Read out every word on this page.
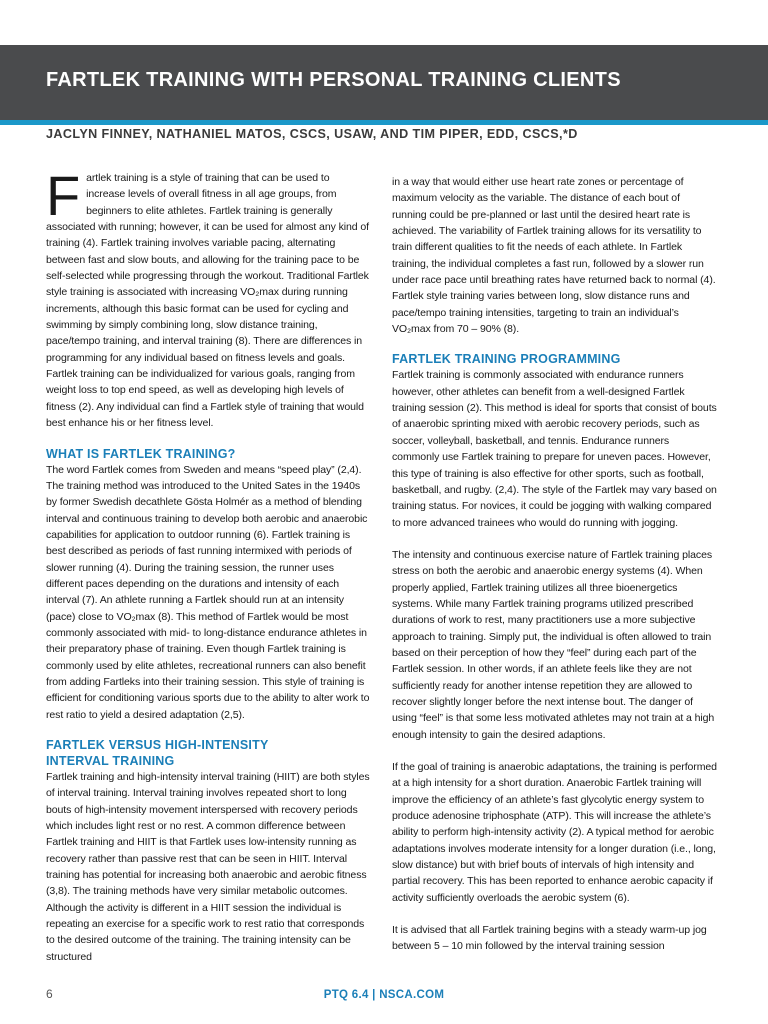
FARTLEK TRAINING WITH PERSONAL TRAINING CLIENTS

JACLYN FINNEY, NATHANIEL MATOS, CSCS, USAW, AND TIM PIPER, EDD, CSCS,*D

Fartlek training is a style of training that can be used to increase levels of overall fitness in all age groups, from beginners to elite athletes. Fartlek training is generally associated with running; however, it can be used for almost any kind of training (4). Fartlek training involves variable pacing, alternating between fast and slow bouts, and allowing for the training pace to be self-selected while progressing through the workout. Traditional Fartlek style training is associated with increasing VO₂max during running increments, although this basic format can be used for cycling and swimming by simply combining long, slow distance training, pace/tempo training, and interval training (8). There are differences in programming for any individual based on fitness levels and goals. Fartlek training can be individualized for various goals, ranging from weight loss to top end speed, as well as developing high levels of fitness (2). Any individual can find a Fartlek style of training that would best enhance his or her fitness level.

WHAT IS FARTLEK TRAINING?

The word Fartlek comes from Sweden and means “speed play” (2,4). The training method was introduced to the United Sates in the 1940s by former Swedish decathlete Gösta Holmér as a method of blending interval and continuous training to develop both aerobic and anaerobic capabilities for application to outdoor running (6). Fartlek training is best described as periods of fast running intermixed with periods of slower running (4). During the training session, the runner uses different paces depending on the durations and intensity of each interval (7). An athlete running a Fartlek should run at an intensity (pace) close to VO₂max (8). This method of Fartlek would be most commonly associated with mid- to long-distance endurance athletes in their preparatory phase of training. Even though Fartlek training is commonly used by elite athletes, recreational runners can also benefit from adding Fartleks into their training session. This style of training is efficient for conditioning various sports due to the ability to alter work to rest ratio to yield a desired adaptation (2,5).

FARTLEK VERSUS HIGH-INTENSITY
INTERVAL TRAINING

Fartlek training and high-intensity interval training (HIIT) are both styles of interval training. Interval training involves repeated short to long bouts of high-intensity movement interspersed with recovery periods which includes light rest or no rest. A common difference between Fartlek training and HIIT is that Fartlek uses low-intensity running as recovery rather than passive rest that can be seen in HIIT. Interval training has potential for increasing both anaerobic and aerobic fitness (3,8). The training methods have very similar metabolic outcomes. Although the activity is different in a HIIT session the individual is repeating an exercise for a specific work to rest ratio that corresponds to the desired outcome of the training. The training intensity can be structured

in a way that would either use heart rate zones or percentage of maximum velocity as the variable. The distance of each bout of running could be pre-planned or last until the desired heart rate is achieved. The variability of Fartlek training allows for its versatility to train different qualities to fit the needs of each athlete. In Fartlek training, the individual completes a fast run, followed by a slower run under race pace until breathing rates have returned back to normal (4). Fartlek style training varies between long, slow distance runs and pace/tempo training intensities, targeting to train an individual’s VO₂max from 70 – 90% (8).

FARTLEK TRAINING PROGRAMMING

Fartlek training is commonly associated with endurance runners however, other athletes can benefit from a well-designed Fartlek training session (2). This method is ideal for sports that consist of bouts of anaerobic sprinting mixed with aerobic recovery periods, such as soccer, volleyball, basketball, and tennis. Endurance runners commonly use Fartlek training to prepare for uneven paces. However, this type of training is also effective for other sports, such as football, basketball, and rugby. (2,4). The style of the Fartlek may vary based on training status. For novices, it could be jogging with walking compared to more advanced trainees who would do running with jogging.

The intensity and continuous exercise nature of Fartlek training places stress on both the aerobic and anaerobic energy systems (4). When properly applied, Fartlek training utilizes all three bioenergetics systems. While many Fartlek training programs utilized prescribed durations of work to rest, many practitioners use a more subjective approach to training. Simply put, the individual is often allowed to train based on their perception of how they “feel” during each part of the Fartlek session. In other words, if an athlete feels like they are not sufficiently ready for another intense repetition they are allowed to recover slightly longer before the next intense bout. The danger of using “feel” is that some less motivated athletes may not train at a high enough intensity to gain the desired adaptions.

If the goal of training is anaerobic adaptations, the training is performed at a high intensity for a short duration. Anaerobic Fartlek training will improve the efficiency of an athlete’s fast glycolytic energy system to produce adenosine triphosphate (ATP). This will increase the athlete’s ability to perform high-intensity activity (2). A typical method for aerobic adaptations involves moderate intensity for a longer duration (i.e., long, slow distance) but with brief bouts of intervals of high intensity and partial recovery. This has been reported to enhance aerobic capacity if activity sufficiently overloads the aerobic system (6).

It is advised that all Fartlek training begins with a steady warm-up jog between 5 – 10 min followed by the interval training session

6	PTQ 6.4 | NSCA.COM
